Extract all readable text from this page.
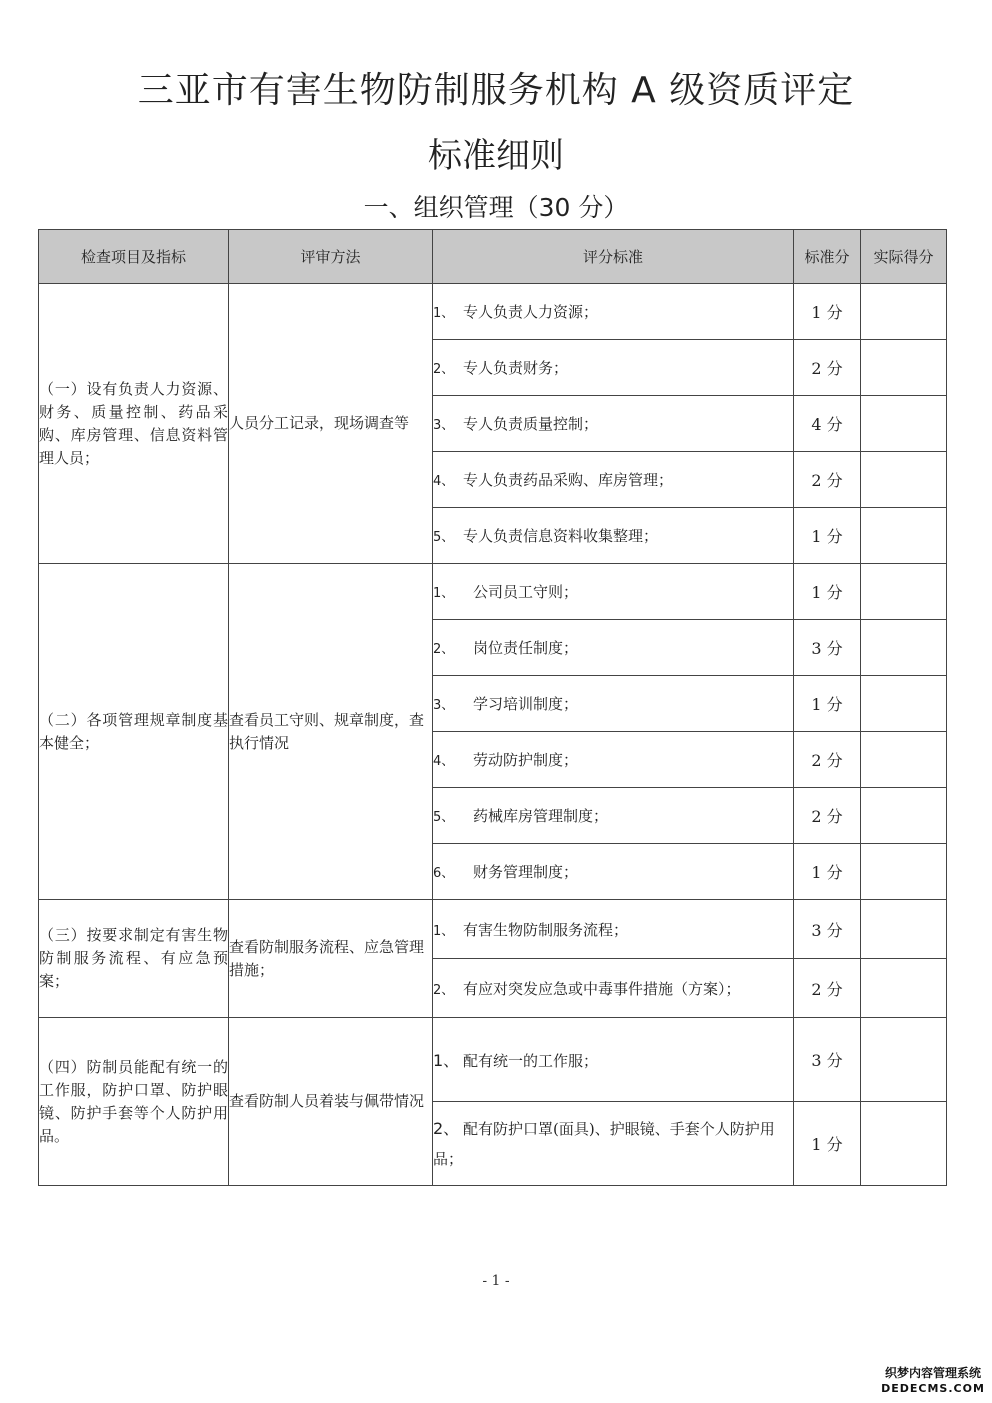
三亚市有害生物防制服务机构 A 级资质评定
标准细则
一、组织管理（30 分）
检查项目及指标	评审方法	评分标准	标准分	实际得分
（一）设有负责人力资源、财务、质量控制、药品采购、库房管理、信息资料管理人员；	人员分工记录，现场调查等	1、 专人负责人力资源；	1 分	
		2、 专人负责财务；	2 分	
		3、 专人负责质量控制；	4 分	
		4、 专人负责药品采购、库房管理；	2 分	
		5、 专人负责信息资料收集整理；	1 分	
（二）各项管理规章制度基本健全；	查看员工守则、规章制度，查执行情况	1、 公司员工守则；	1 分	
		2、 岗位责任制度；	3 分	
		3、 学习培训制度；	1 分	
		4、 劳动防护制度；	2 分	
		5、 药械库房管理制度；	2 分	
		6、 财务管理制度；	1 分	
（三）按要求制定有害生物防制服务流程、有应急预案；	查看防制服务流程、应急管理措施；	1、 有害生物防制服务流程；	3 分	
		2、 有应对突发应急或中毒事件措施（方案）；	2 分	
（四）防制员能配有统一的工作服，防护口罩、防护眼镜、防护手套等个人防护用品。	查看防制人员着装与佩带情况	1、 配有统一的工作服；	3 分	
		2、 配有防护口罩(面具)、护眼镜、手套个人防护用品；	1 分	
- 1 -
织梦内容管理系统
DEDECMS.COM
